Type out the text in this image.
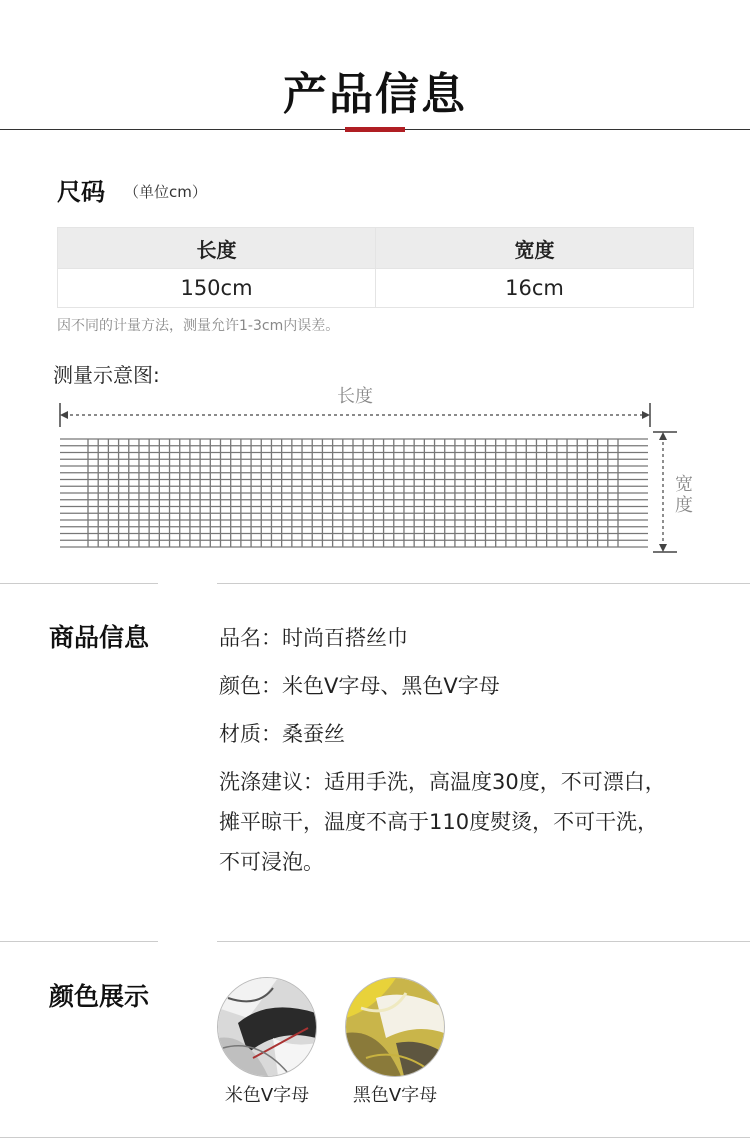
产品信息
尺码 （单位cm）
长度	宽度
150cm	16cm
因不同的计量方法，测量允许1-3cm内误差。
测量示意图:
长度
宽
度
商品信息	品名：时尚百搭丝巾
颜色：米色V字母、黑色V字母
材质：桑蚕丝
洗涤建议：适用手洗，高温度30度，不可漂白，
摊平晾干，温度不高于110度熨烫，不可干洗，
不可浸泡。
颜色展示
米色V字母	黑色V字母
